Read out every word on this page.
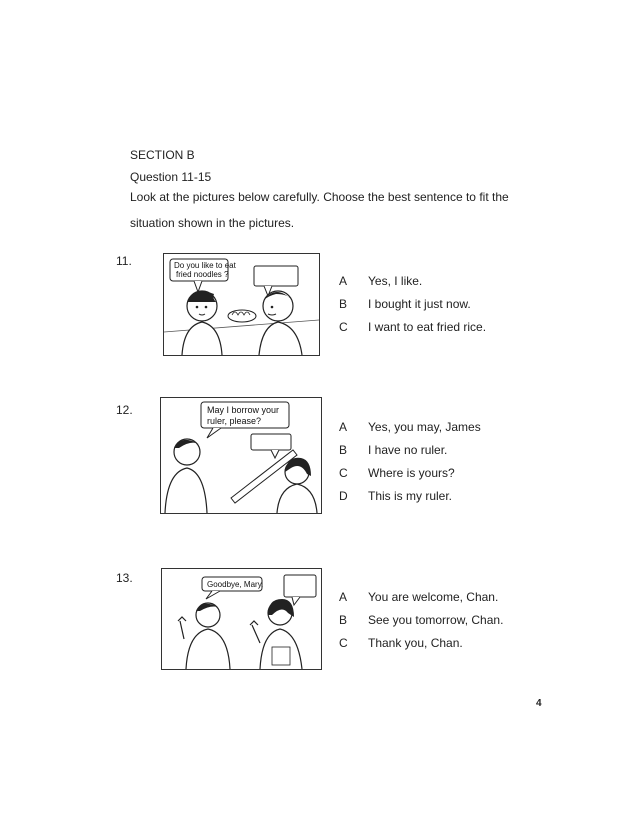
SECTION B
Question 11-15
Look at the pictures below carefully. Choose the best sentence to fit the situation shown in the pictures.
11.	Do you like to eat
fried noodles ?	A	Yes, I like.
B	I bought it just now.
C	I want to eat fried rice.
12.	May I borrow your
ruler, please?	A	Yes, you may, James
B	I have no ruler.
C	Where is yours?
D	This is my ruler.
13.	Goodbye, Mary.
A	You are welcome, Chan.
B	See you tomorrow, Chan.
C	Thank you, Chan.
4
